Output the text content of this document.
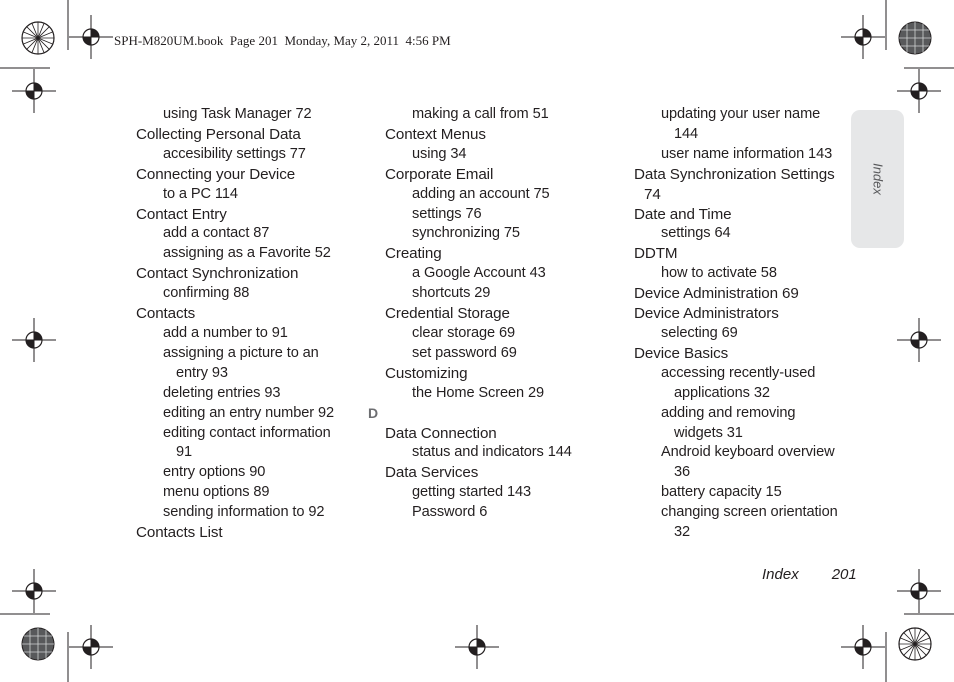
SPH-M820UM.book  Page 201  Monday, May 2, 2011  4:56 PM
using Task Manager 72
Collecting Personal Data
accesibility settings 77
Connecting your Device
to a PC 114
Contact Entry
add a contact 87
assigning as a Favorite 52
Contact Synchronization
confirming 88
Contacts
add a number to 91
assigning a picture to an
entry 93
deleting entries 93
editing an entry number 92
editing contact information
91
entry options 90
menu options 89
sending information to 92
Contacts List
making a call from 51
Context Menus
using 34
Corporate Email
adding an account 75
settings 76
synchronizing 75
Creating
a Google Account 43
shortcuts 29
Credential Storage
clear storage 69
set password 69
Customizing
the Home Screen 29
D
Data Connection
status and indicators 144
Data Services
getting started 143
Password 6
updating your user name
144
user name information 143
Data Synchronization Settings
74
Date and Time
settings 64
DDTM
how to activate 58
Device Administration 69
Device Administrators
selecting 69
Device Basics
accessing recently-used
applications 32
adding and removing
widgets 31
Android keyboard overview
36
battery capacity 15
changing screen orientation
32
Index
Index 201
